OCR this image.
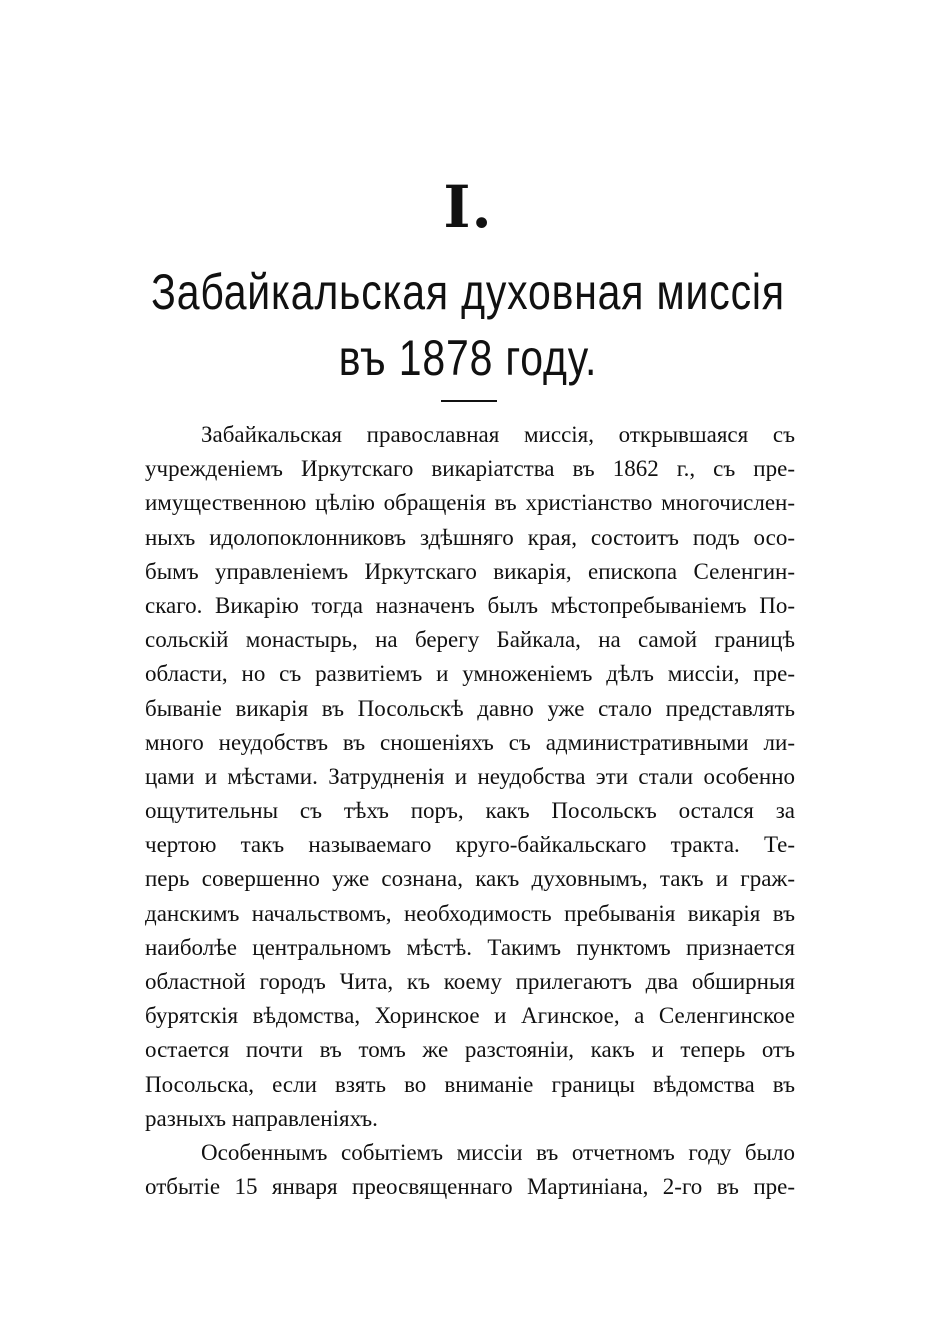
I.
Забайкальская духовная миссiя
въ 1878 году.
Забайкальская православная миссiя, открывшаяся съ
учрежденiемъ Иркутскаго викарiатства въ 1862 г., съ пре-
имущественною цѣлiю обращенiя въ христiанство многочислен-
ныхъ идолопоклонниковъ здѣшняго края, состоитъ подъ осо-
бымъ управленiемъ Иркутскаго викарiя, епископа Селенгин-
скаго. Викарiю тогда назначенъ былъ мѣстопребыванiемъ По-
сольскiй монастырь, на берегу Байкала, на самой границѣ
области, но съ развитiемъ и умноженiемъ дѣлъ миссiи, пре-
быванiе викарiя въ Посольскѣ давно уже стало представлять
много неудобствъ въ сношенiяхъ съ административными ли-
цами и мѣстами. Затрудненiя и неудобства эти стали особенно
ощутительны съ тѣхъ поръ, какъ Посольскъ остался за
чертою такъ называемаго круго-байкальскаго тракта. Те-
перь совершенно уже сознана, какъ духовнымъ, такъ и граж-
данскимъ начальствомъ, необходимость пребыванiя викарiя въ
наиболѣе центральномъ мѣстѣ. Такимъ пунктомъ признается
областной городъ Чита, къ коему прилегаютъ два обширныя
бурятскiя вѣдомства, Хоринское и Агинское, а Селенгинское
остается почти въ томъ же разстоянiи, какъ и теперь отъ
Посольска, если взять во вниманiе границы вѣдомства въ
разныхъ направленiяхъ.
Особеннымъ событiемъ миссiи въ отчетномъ году было
отбытiе 15 января преосвященнаго Мартинiана, 2-го въ пре-
